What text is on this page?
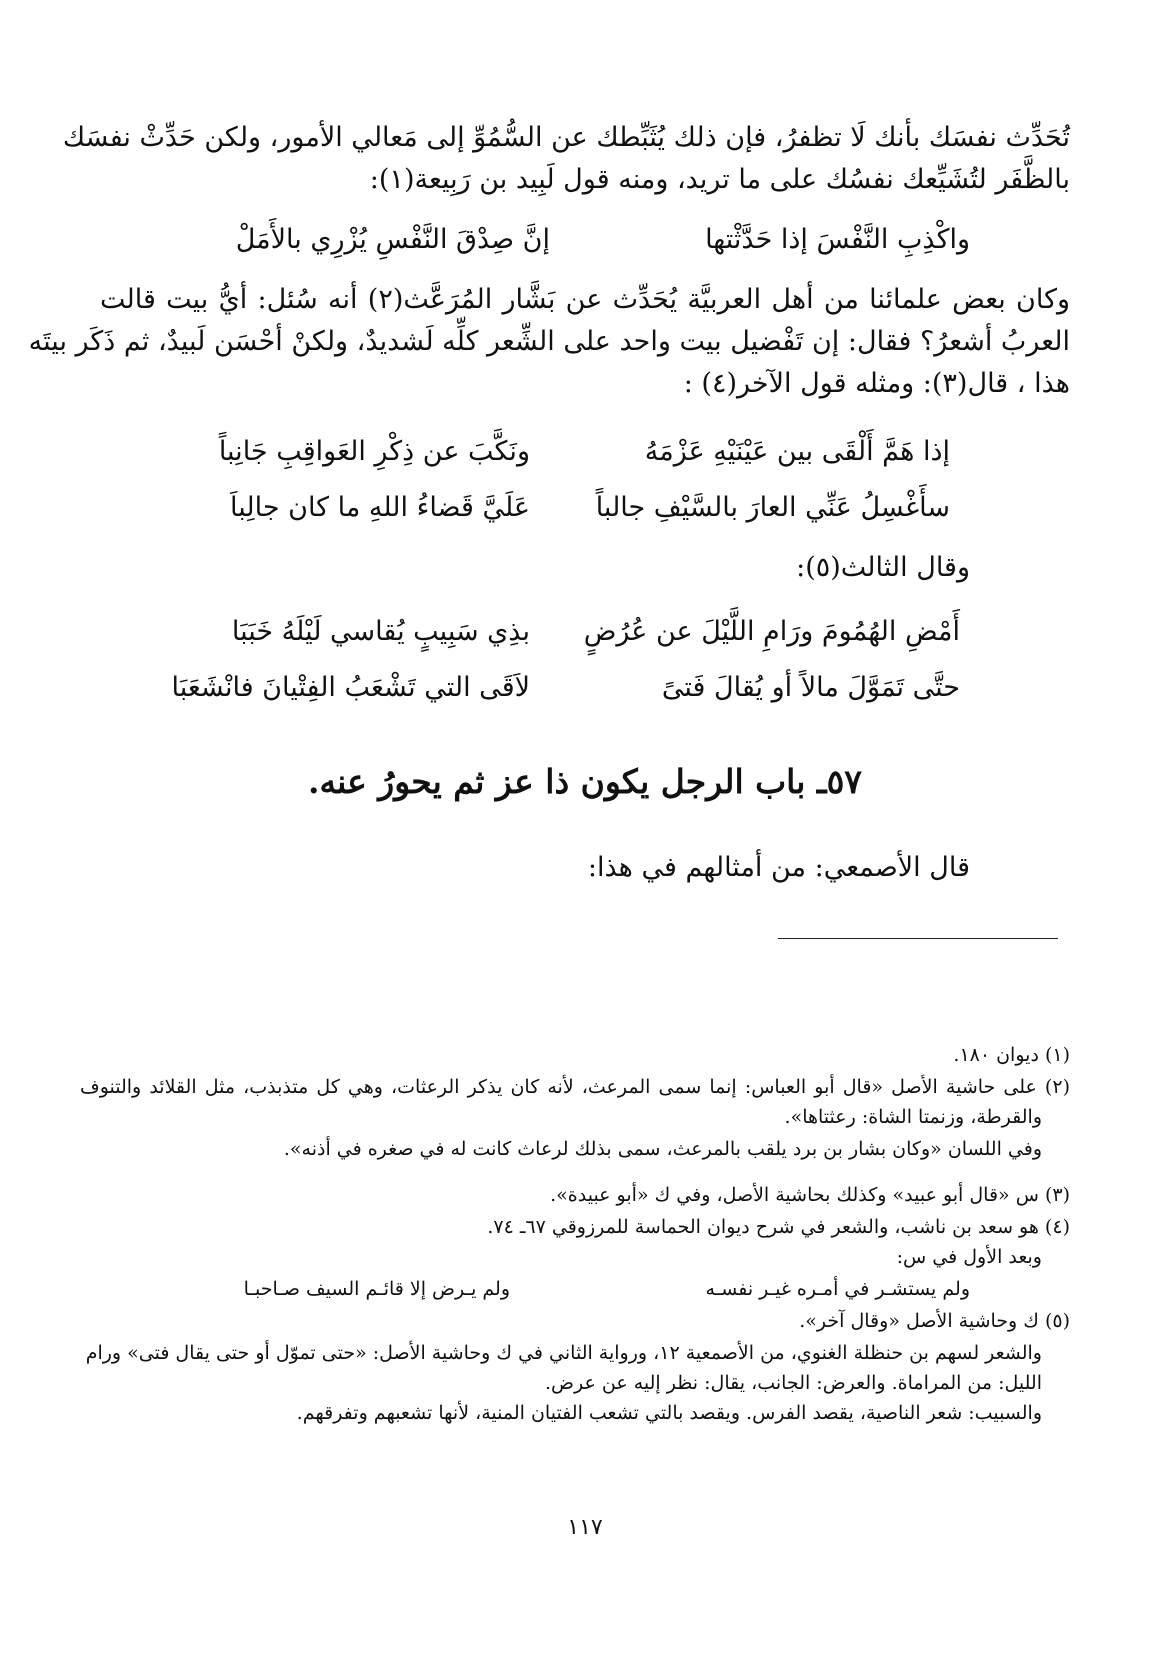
تُحَدِّث نفسَك بأنك لَا تظفرُ، فإن ذلك يُثَبِّطك عن السُّمُوِّ إلى مَعالي الأمور، ولكن حَدِّثْ نفسَك
بالظَّفَر لتُشَيِّعك نفسُك على ما تريد، ومنه قول لَبِيد بن رَبِيعة(١):
واكْذِبِ النَّفْسَ إذا حَدَّثْتها
إنَّ صِدْقَ النَّفْسِ يُزْرِي بالأَمَلْ
وكان بعض علمائنا من أهل العربيَّة يُحَدِّث عن بَشَّار المُرَعَّث(٢) أنه سُئل: أيُّ بيت قالت
العربُ أشعرُ؟ فقال: إن تَفْضيل بيت واحد على الشِّعر كلِّه لَشديدٌ، ولكنْ أحْسَن لَبيدٌ، ثم ذَكَر بيتَه
هذا ، قال(٣): ومثله قول الآخر(٤) :
إذا هَمَّ أَلْقَى بين عَيْنَيْهِ عَزْمَهُ
ونَكَّبَ عن ذِكْرِ العَواقِبِ جَانِباً
سأَغْسِلُ عَنِّي العارَ بالسَّيْفِ جالباً
عَلَيَّ قَضاءُ اللهِ ما كان جالِباَ
وقال الثالث(٥):
أَمْضِ الهُمُومَ ورَامِ اللَّيْلَ عن عُرُضٍ
بذِي سَبِيبٍ يُقاسي لَيْلَهُ خَبَبَا
حتَّى تَمَوَّلَ مالاً أو يُقالَ فَتىً
لاَقَى التي تَشْعَبُ الفِتْيانَ فانْشَعَبَا
٥٧ـ باب الرجل يكون ذا عز ثم يحورُ عنه.
قال الأصمعي: من أمثالهم في هذا:
(١) ديوان ١٨٠.
(٢) على حاشية الأصل «قال أبو العباس: إنما سمى المرعث، لأنه كان يذكر الرعثات، وهي كل متذبذب، مثل القلائد والتنوف
والقرطة، وزنمتا الشاة: رعثتاها».
وفي اللسان «وكان بشار بن برد يلقب بالمرعث، سمى بذلك لرعاث كانت له في صغره في أذنه».
(٣) س «قال أبو عبيد» وكذلك بحاشية الأصل، وفي ك «أبو عبيدة».
(٤) هو سعد بن ناشب، والشعر في شرح ديوان الحماسة للمرزوقي ٦٧ـ ٧٤.
وبعد الأول في س:
ولم يستشـر في أمـره غيـر نفسـه
ولم يـرض إلا قائـم السيف صـاحبـا
(٥) ك وحاشية الأصل «وقال آخر».
والشعر لسهم بن حنظلة الغنوي، من الأصمعية ١٢، ورواية الثاني في ك وحاشية الأصل: «حتى تموّل أو حتى يقال فتى» ورام
الليل: من المراماة. والعرض: الجانب، يقال: نظر إليه عن عرض.
والسبيب: شعر الناصية، يقصد الفرس. ويقصد بالتي تشعب الفتيان المنية، لأنها تشعبهم وتفرقهم.
١١٧
